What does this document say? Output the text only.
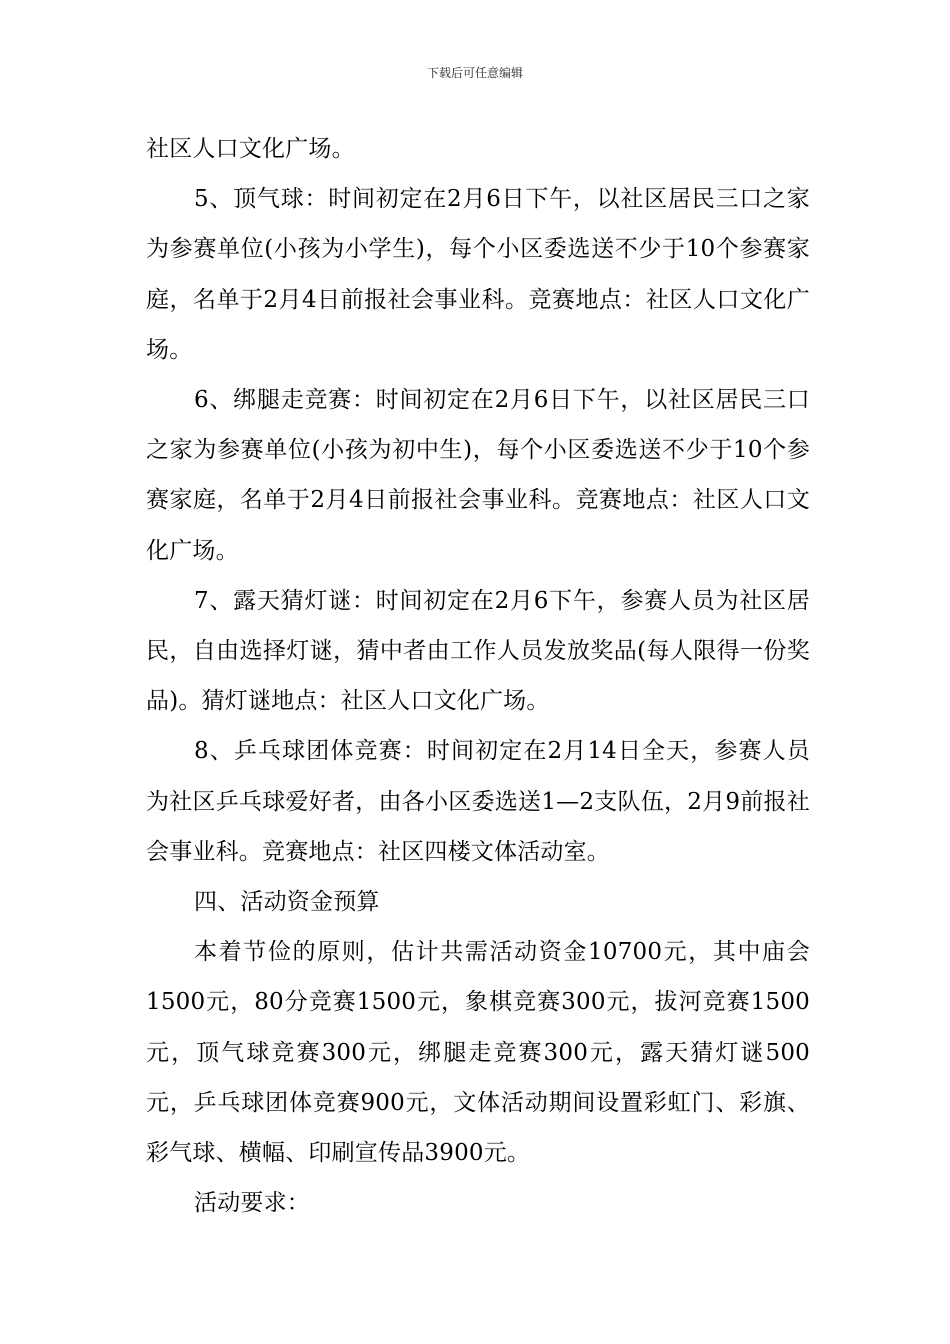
下载后可任意编辑

社区人口文化广场。

5、顶气球：时间初定在2月6日下午，以社区居民三口之家为参赛单位(小孩为小学生)，每个小区委选送不少于10个参赛家庭，名单于2月4日前报社会事业科。竞赛地点：社区人口文化广场。

6、绑腿走竞赛：时间初定在2月6日下午，以社区居民三口之家为参赛单位(小孩为初中生)，每个小区委选送不少于10个参赛家庭，名单于2月4日前报社会事业科。竞赛地点：社区人口文化广场。

7、露天猜灯谜：时间初定在2月6下午，参赛人员为社区居民，自由选择灯谜，猜中者由工作人员发放奖品(每人限得一份奖品)。猜灯谜地点：社区人口文化广场。

8、乒乓球团体竞赛：时间初定在2月14日全天，参赛人员为社区乒乓球爱好者，由各小区委选送1—2支队伍，2月9前报社会事业科。竞赛地点：社区四楼文体活动室。

四、活动资金预算

本着节俭的原则，估计共需活动资金10700元，其中庙会1500元，80分竞赛1500元，象棋竞赛300元，拔河竞赛1500元，顶气球竞赛300元，绑腿走竞赛300元，露天猜灯谜500元，乒乓球团体竞赛900元，文体活动期间设置彩虹门、彩旗、彩气球、横幅、印刷宣传品3900元。

活动要求：
